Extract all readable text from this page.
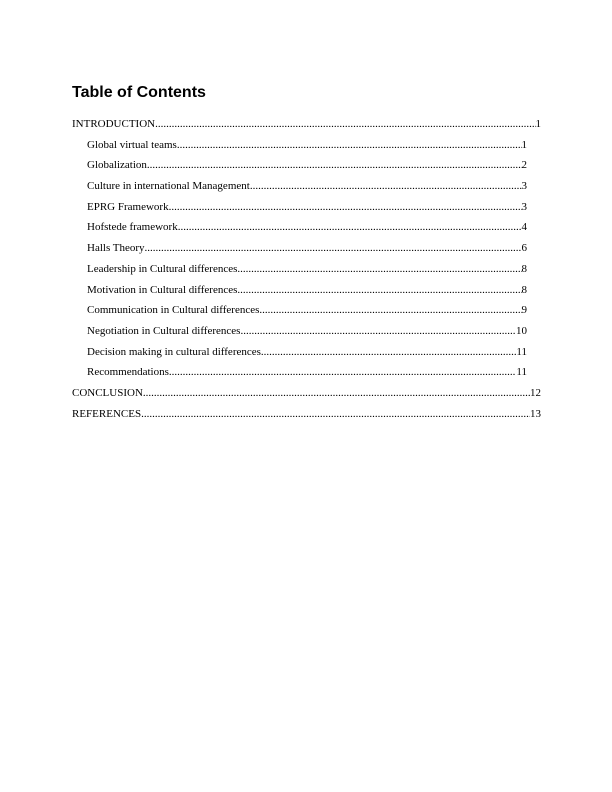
Table of Contents
INTRODUCTION .....	1
Global virtual teams .....	1
Globalization .....	2
Culture in international Management .....	3
EPRG Framework .....	3
Hofstede framework .....	4
Halls Theory .....	6
Leadership in Cultural differences .....	8
Motivation in Cultural differences .....	8
Communication in Cultural differences .....	9
Negotiation in Cultural differences .....	10
Decision making in cultural differences .....	11
Recommendations .....	11
CONCLUSION .....	12
REFERENCES .....	13
